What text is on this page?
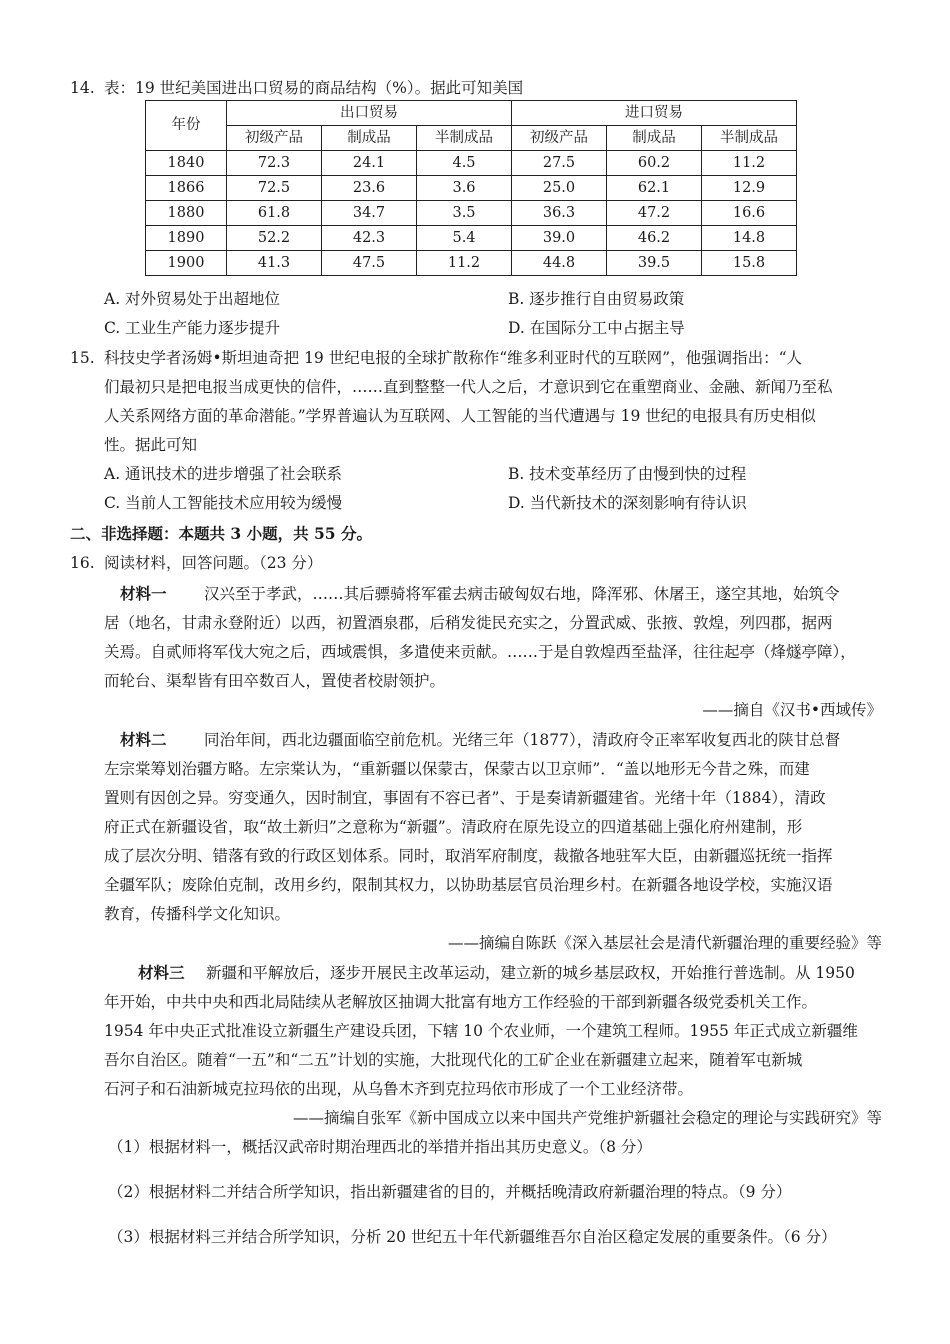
14. 表：19 世纪美国进出口贸易的商品结构（%）。据此可知美国
年份	出口贸易			进口贸易		
	初级产品	制成品	半制成品	初级产品	制成品	半制成品
1840	72.3	24.1	4.5	27.5	60.2	11.2
1866	72.5	23.6	3.6	25.0	62.1	12.9
1880	61.8	34.7	3.5	36.3	47.2	16.6
1890	52.2	42.3	5.4	39.0	46.2	14.8
1900	41.3	47.5	11.2	44.8	39.5	15.8
A. 对外贸易处于出超地位	B. 逐步推行自由贸易政策
C. 工业生产能力逐步提升	D. 在国际分工中占据主导
15. 科技史学者汤姆•斯坦迪奇把 19 世纪电报的全球扩散称作“维多利亚时代的互联网”，他强调指出：“人
们最初只是把电报当成更快的信件，……直到整整一代人之后，才意识到它在重塑商业、金融、新闻乃至私
人关系网络方面的革命潜能。”学界普遍认为互联网、人工智能的当代遭遇与 19 世纪的电报具有历史相似
性。据此可知
A. 通讯技术的进步增强了社会联系	B. 技术变革经历了由慢到快的过程
C. 当前人工智能技术应用较为缓慢	D. 当代新技术的深刻影响有待认识
二、非选择题：本题共 3 小题，共 55 分。
16. 阅读材料，回答问题。（23 分）
材料一 汉兴至于孝武，……其后骠骑将军霍去病击破匈奴右地，降浑邪、休屠王，遂空其地，始筑令
居（地名，甘肃永登附近）以西，初置酒泉郡，后稍发徙民充实之，分置武威、张掖、敦煌，列四郡，据两
关焉。自贰师将军伐大宛之后，西域震惧，多遣使来贡献。……于是自敦煌西至盐泽，往往起亭（烽燧亭障），
而轮台、渠犁皆有田卒数百人，置使者校尉领护。
——摘自《汉书•西域传》
材料二 同治年间，西北边疆面临空前危机。光绪三年（1877），清政府令正率军收复西北的陕甘总督
左宗棠筹划治疆方略。左宗棠认为，“重新疆以保蒙古，保蒙古以卫京师”．“盖以地形无今昔之殊，而建
置则有因创之异。穷变通久，因时制宜，事固有不容已者”、于是奏请新疆建省。光绪十年（1884），清政
府正式在新疆设省，取“故土新归”之意称为“新疆”。清政府在原先设立的四道基础上强化府州建制，形
成了层次分明、错落有致的行政区划体系。同时，取消军府制度，裁撤各地驻军大臣，由新疆巡抚统一指挥
全疆军队；废除伯克制，改用乡约，限制其权力，以协助基层官员治理乡村。在新疆各地设学校，实施汉语
教育，传播科学文化知识。
——摘编自陈跃《深入基层社会是清代新疆治理的重要经验》等
材料三 新疆和平解放后，逐步开展民主改革运动，建立新的城乡基层政权，开始推行普选制。从 1950
年开始，中共中央和西北局陆续从老解放区抽调大批富有地方工作经验的干部到新疆各级党委机关工作。
1954 年中央正式批准设立新疆生产建设兵团，下辖 10 个农业师，一个建筑工程师。1955 年正式成立新疆维
吾尔自治区。随着“一五”和“二五”计划的实施，大批现代化的工矿企业在新疆建立起来，随着军屯新城
石河子和石油新城克拉玛依的出现，从乌鲁木齐到克拉玛依市形成了一个工业经济带。
——摘编自张军《新中国成立以来中国共产党维护新疆社会稳定的理论与实践研究》等
（1）根据材料一，概括汉武帝时期治理西北的举措并指出其历史意义。（8 分）
（2）根据材料二并结合所学知识，指出新疆建省的目的，并概括晚清政府新疆治理的特点。（9 分）
（3）根据材料三并结合所学知识，分析 20 世纪五十年代新疆维吾尔自治区稳定发展的重要条件。（6 分）
